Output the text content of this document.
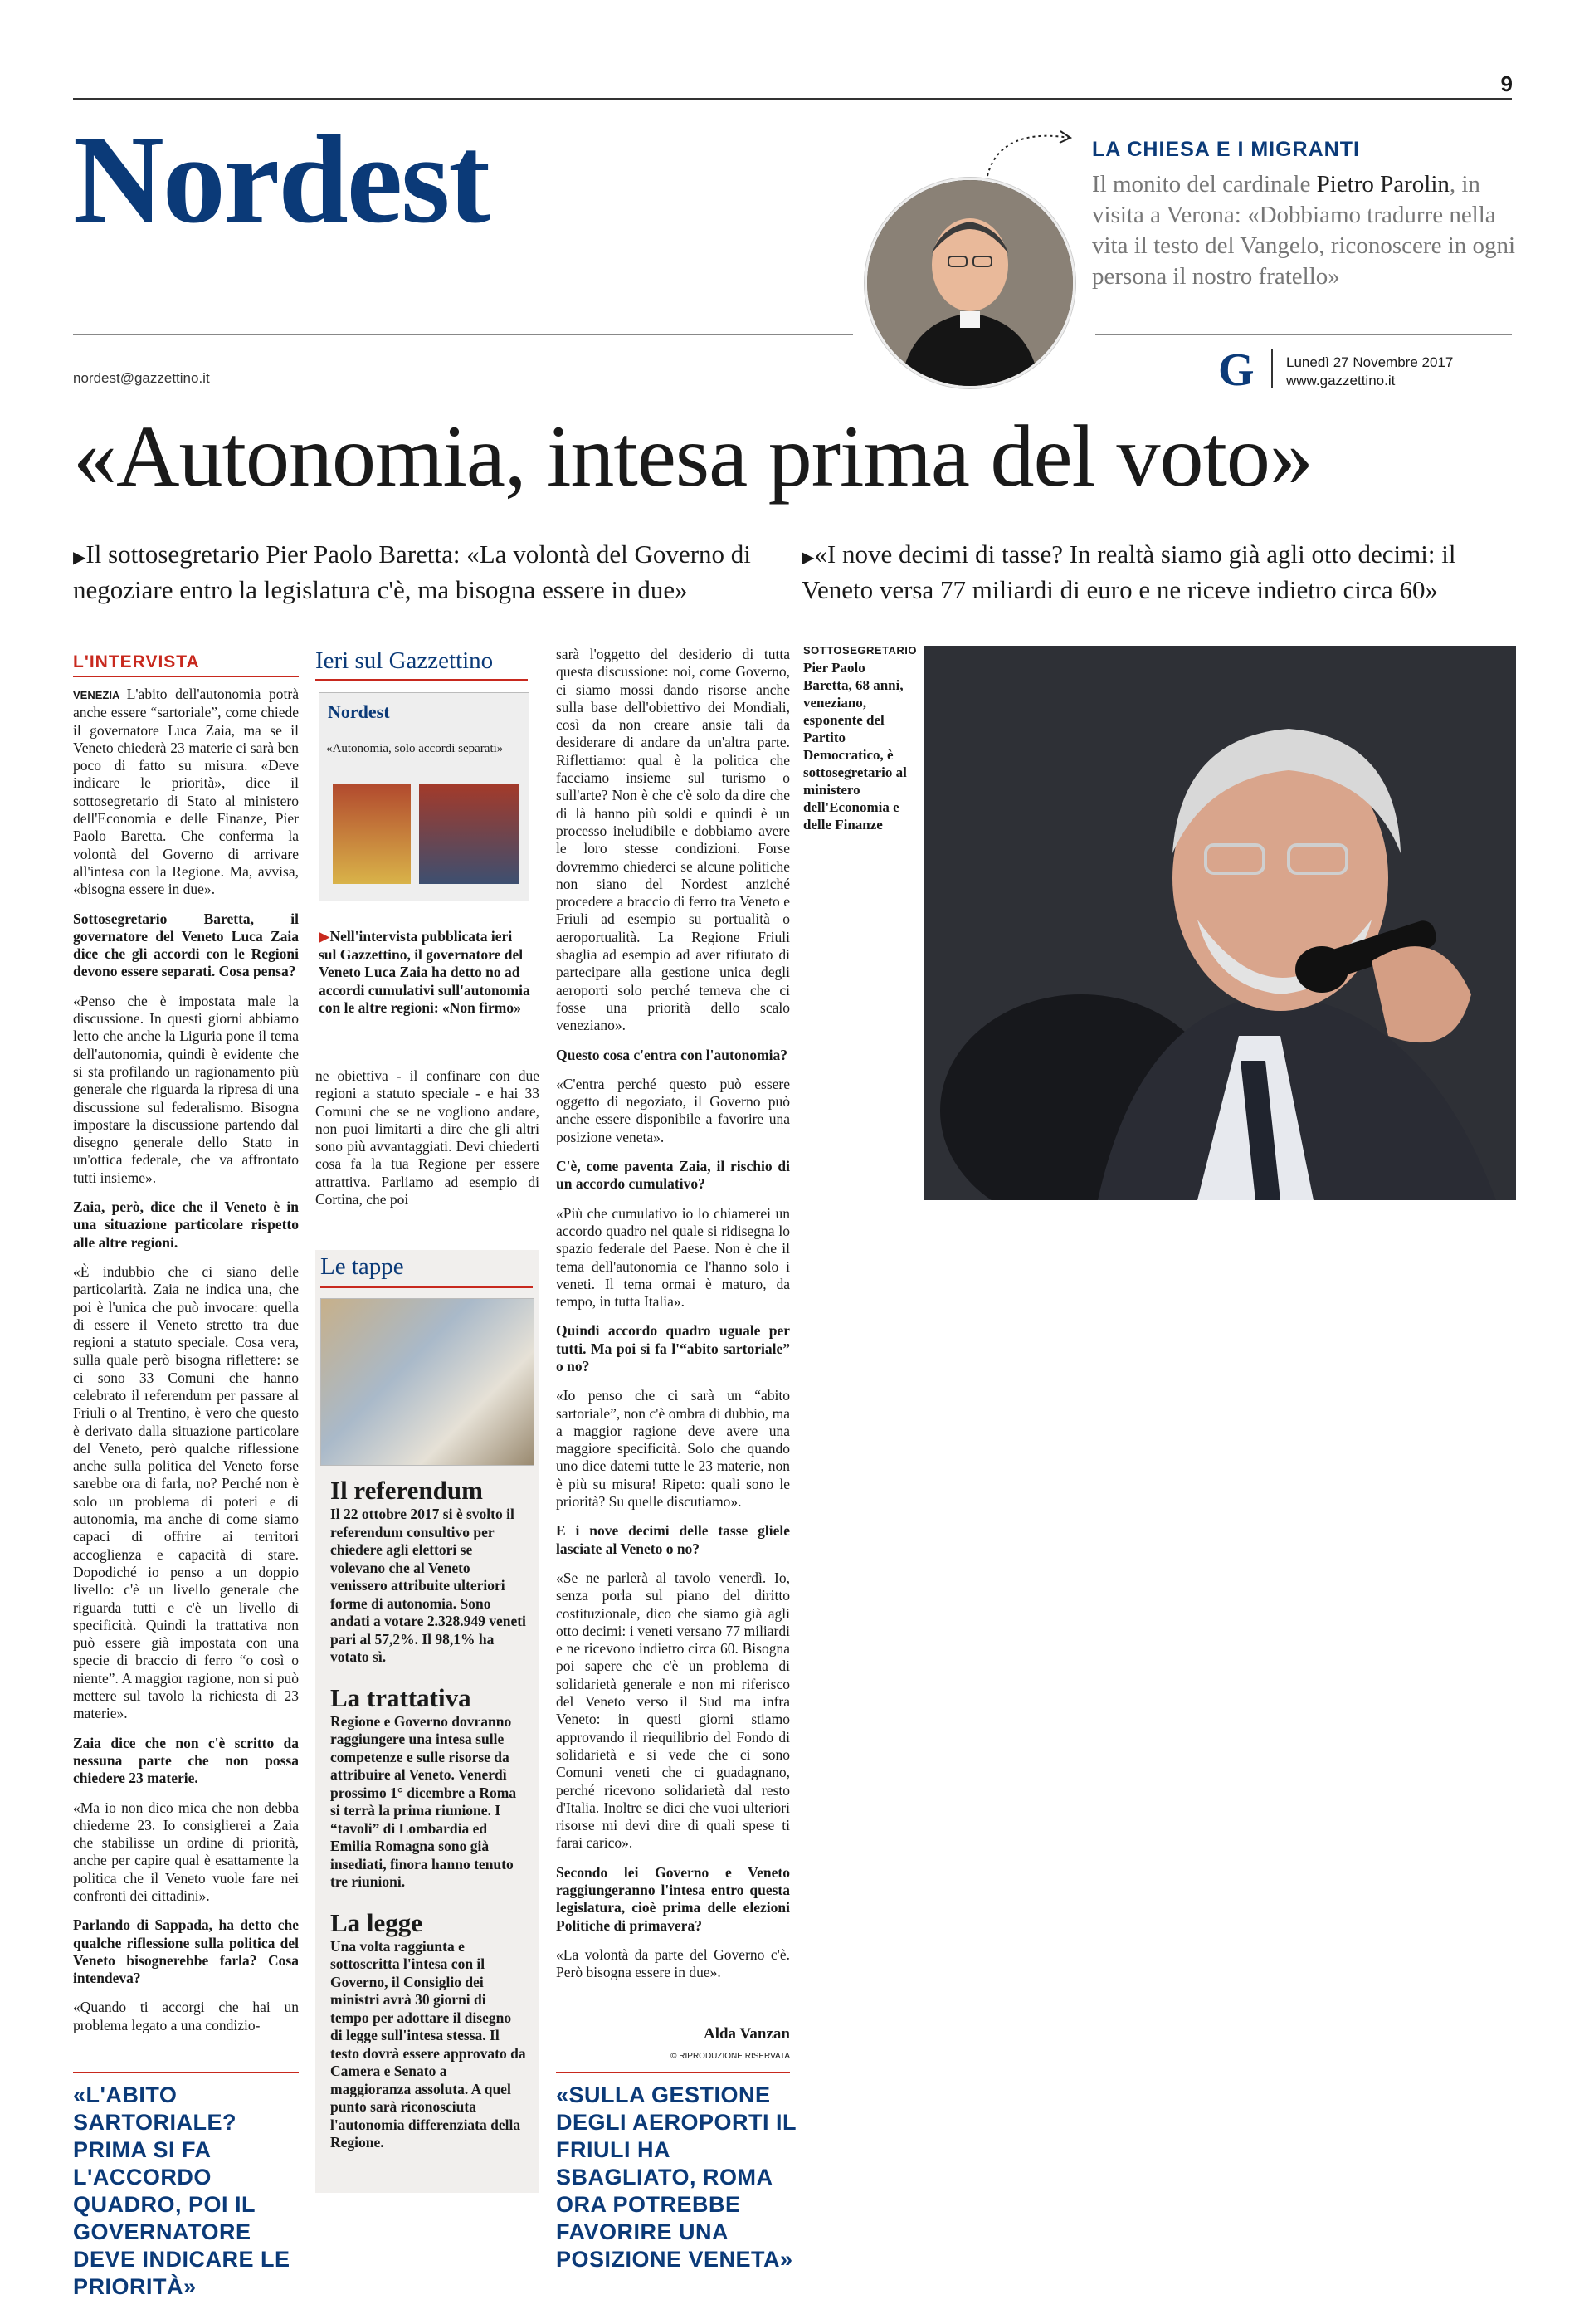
9
Nordest
nordest@gazzettino.it
LA CHIESA E I MIGRANTI
Il monito del cardinale Pietro Parolin, in visita a Verona: «Dobbiamo tradurre nella vita il testo del Vangelo, riconoscere in ogni persona il nostro fratello»
G Lunedì 27 Novembre 2017
www.gazzettino.it
«Autonomia, intesa prima del voto»
▶Il sottosegretario Pier Paolo Baretta: «La volontà del Governo di negoziare entro la legislatura c'è, ma bisogna essere in due»
▶«I nove decimi di tasse? In realtà siamo già agli otto decimi: il Veneto versa 77 miliardi di euro e ne riceve indietro circa 60»
L'INTERVISTA

VENEZIA L'abito dell'autonomia potrà anche essere “sartoriale”, come chiede il governatore Luca Zaia, ma se il Veneto chiederà 23 materie ci sarà ben poco di fatto su misura. «Deve indicare le priorità», dice il sottosegretario di Stato al ministero dell'Economia e delle Finanze, Pier Paolo Baretta. Che conferma la volontà del Governo di arrivare all'intesa con la Regione. Ma, avvisa, «bisogna essere in due».

Sottosegretario Baretta, il governatore del Veneto Luca Zaia dice che gli accordi con le Regioni devono essere separati. Cosa pensa?

«Penso che è impostata male la discussione. In questi giorni abbiamo letto che anche la Liguria pone il tema dell'autonomia, quindi è evidente che si sta profilando un ragionamento più generale che riguarda la ripresa di una discussione sul federalismo. Bisogna impostare la discussione partendo dal disegno generale dello Stato in un'ottica federale, che va affrontato tutti insieme».

Zaia, però, dice che il Veneto è in una situazione particolare rispetto alle altre regioni.

«È indubbio che ci siano delle particolarità. Zaia ne indica una, che poi è l'unica che può invocare: quella di essere il Veneto stretto tra due regioni a statuto speciale. Cosa vera, sulla quale però bisogna riflettere: se ci sono 33 Comuni che hanno celebrato il referendum per passare al Friuli o al Trentino, è vero che questo è derivato dalla situazione particolare del Veneto, però qualche riflessione anche sulla politica del Veneto forse sarebbe ora di farla, no? Perché non è solo un problema di poteri e di autonomia, ma anche di come siamo capaci di offrire ai territori accoglienza e capacità di stare. Dopodiché io penso a un doppio livello: c'è un livello generale che riguarda tutti e c'è un livello di specificità. Quindi la trattativa non può essere già impostata con una specie di braccio di ferro “o così o niente”. A maggior ragione, non si può mettere sul tavolo la richiesta di 23 materie».

Zaia dice che non c'è scritto da nessuna parte che non possa chiedere 23 materie.

«Ma io non dico mica che non debba chiederne 23. Io consiglierei a Zaia che stabilisse un ordine di priorità, anche per capire qual è esattamente la politica che il Veneto vuole fare nei confronti dei cittadini».

Parlando di Sappada, ha detto che qualche riflessione sulla politica del Veneto bisognerebbe farla? Cosa intendeva?

«Quando ti accorgi che hai un problema legato a una condizio-

«L'ABITO SARTORIALE? PRIMA SI FA L'ACCORDO QUADRO, POI IL GOVERNATORE DEVE INDICARE LE PRIORITÀ»
Ieri sul Gazzettino
Nordest
«Autonomia, solo accordi separati»
▶Nell'intervista pubblicata ieri sul Gazzettino, il governatore del Veneto Luca Zaia ha detto no ad accordi cumulativi sull'autonomia con le altre regioni: «Non firmo»

ne obiettiva - il confinare con due regioni a statuto speciale - e hai 33 Comuni che se ne vogliono andare, non puoi limitarti a dire che gli altri sono più avvantaggiati. Devi chiederti cosa fa la tua Regione per essere attrattiva. Parliamo ad esempio di Cortina, che poi

Le tappe
Il referendum
Il 22 ottobre 2017 si è svolto il referendum consultivo per chiedere agli elettori se volevano che al Veneto venissero attribuite ulteriori forme di autonomia. Sono andati a votare 2.328.949 veneti pari al 57,2%. Il 98,1% ha votato sì.
La trattativa
Regione e Governo dovranno raggiungere una intesa sulle competenze e sulle risorse da attribuire al Veneto. Venerdì prossimo 1° dicembre a Roma si terrà la prima riunione. I “tavoli” di Lombardia ed Emilia Romagna sono già insediati, finora hanno tenuto tre riunioni.
La legge
Una volta raggiunta e sottoscritta l'intesa con il Governo, il Consiglio dei ministri avrà 30 giorni di tempo per adottare il disegno di legge sull'intesa stessa. Il testo dovrà essere approvato da Camera e Senato a maggioranza assoluta. A quel punto sarà riconosciuta l'autonomia differenziata della Regione.

sarà l'oggetto del desiderio di tutta questa discussione: noi, come Governo, ci siamo mossi dando risorse anche sulla base dell'obiettivo dei Mondiali, così da non creare ansie tali da desiderare di andare da un'altra parte. Riflettiamo: qual è la politica che facciamo insieme sul turismo o sull'arte? Non è che c'è solo da dire che di là hanno più soldi e quindi è un processo ineludibile e dobbiamo avere le loro stesse condizioni. Forse dovremmo chiederci se alcune politiche non siano del Nordest anziché procedere a braccio di ferro tra Veneto e Friuli ad esempio su portualità o aeroportualità. La Regione Friuli sbaglia ad esempio ad aver rifiutato di partecipare alla gestione unica degli aeroporti solo perché temeva che ci fosse una priorità dello scalo veneziano».

Questo cosa c'entra con l'autonomia?

«C'entra perché questo può essere oggetto di negoziato, il Governo può anche essere disponibile a favorire una posizione veneta».

C'è, come paventa Zaia, il rischio di un accordo cumulativo?

«Più che cumulativo io lo chiamerei un accordo quadro nel quale si ridisegna lo spazio federale del Paese. Non è che il tema dell'autonomia ce l'hanno solo i veneti. Il tema ormai è maturo, da tempo, in tutta Italia».

Quindi accordo quadro uguale per tutti. Ma poi si fa l'“abito sartoriale” o no?

«Io penso che ci sarà un “abito sartoriale”, non c'è ombra di dubbio, ma a maggior ragione deve avere una maggiore specificità. Solo che quando uno dice datemi tutte le 23 materie, non è più su misura! Ripeto: quali sono le priorità? Su quelle discutiamo».

E i nove decimi delle tasse gliele lasciate al Veneto o no?

«Se ne parlerà al tavolo venerdì. Io, senza porla sul piano del diritto costituzionale, dico che siamo già agli otto decimi: i veneti versano 77 miliardi e ne ricevono indietro circa 60. Bisogna poi sapere che c'è un problema di solidarietà generale e non mi riferisco del Veneto verso il Sud ma infra Veneto: in questi giorni stiamo approvando il riequilibrio del Fondo di solidarietà e si vede che ci sono Comuni veneti che ci guadagnano, perché ricevono solidarietà dal resto d'Italia. Inoltre se dici che vuoi ulteriori risorse mi devi dire di quali spese ti farai carico».

Secondo lei Governo e Veneto raggiungeranno l'intesa entro questa legislatura, cioè prima delle elezioni Politiche di primavera?

«La volontà da parte del Governo c'è. Però bisogna essere in due».

Alda Vanzan
© RIPRODUZIONE RISERVATA
«SULLA GESTIONE DEGLI AEROPORTI IL FRIULI HA SBAGLIATO, ROMA ORA POTREBBE FAVORIRE UNA POSIZIONE VENETA»
SOTTOSEGRETARIO
Pier Paolo Baretta, 68 anni, veneziano, esponente del Partito Democratico, è sottosegretario al ministero dell'Economia e delle Finanze
